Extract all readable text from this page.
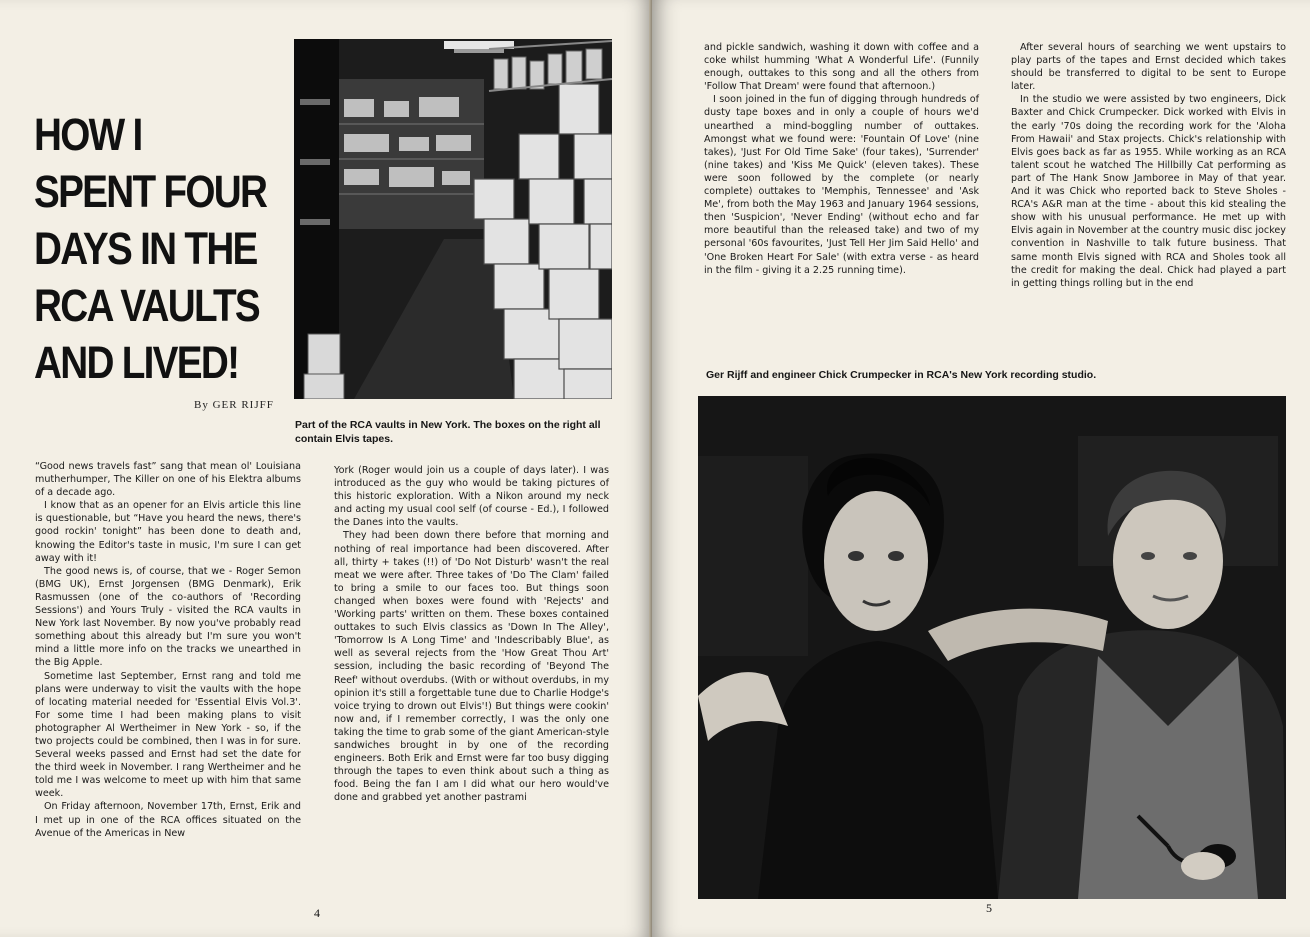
HOW I
SPENT FOUR
DAYS IN THE
RCA VAULTS
AND LIVED!
By GER RIJFF
Part of the RCA vaults in New York. The boxes on the right all contain Elvis tapes.

“Good news travels fast” sang that mean ol' Louisiana mutherhumper, The Killer on one of his Elektra albums of a decade ago.

I know that as an opener for an Elvis article this line is questionable, but “Have you heard the news, there's good rockin' tonight” has been done to death and, knowing the Editor's taste in music, I'm sure I can get away with it!

The good news is, of course, that we - Roger Semon (BMG UK), Ernst Jorgensen (BMG Denmark), Erik Rasmussen (one of the co-authors of 'Recording Sessions') and Yours Truly - visited the RCA vaults in New York last November. By now you've probably read something about this already but I'm sure you won't mind a little more info on the tracks we unearthed in the Big Apple.

Sometime last September, Ernst rang and told me plans were underway to visit the vaults with the hope of locating material needed for 'Essential Elvis Vol.3'. For some time I had been making plans to visit photographer Al Wertheimer in New York - so, if the two projects could be combined, then I was in for sure. Several weeks passed and Ernst had set the date for the third week in November. I rang Wertheimer and he told me I was welcome to meet up with him that same week.

On Friday afternoon, November 17th, Ernst, Erik and I met up in one of the RCA offices situated on the Avenue of the Americas in New

York (Roger would join us a couple of days later). I was introduced as the guy who would be taking pictures of this historic exploration. With a Nikon around my neck and acting my usual cool self (of course - Ed.), I followed the Danes into the vaults.

They had been down there before that morning and nothing of real importance had been discovered. After all, thirty + takes (!!) of 'Do Not Disturb' wasn't the real meat we were after. Three takes of 'Do The Clam' failed to bring a smile to our faces too. But things soon changed when boxes were found with 'Rejects' and 'Working parts' written on them. These boxes contained outtakes to such Elvis classics as 'Down In The Alley', 'Tomorrow Is A Long Time' and 'Indescribably Blue', as well as several rejects from the 'How Great Thou Art' session, including the basic recording of 'Beyond The Reef' without overdubs. (With or without overdubs, in my opinion it's still a forgettable tune due to Charlie Hodge's voice trying to drown out Elvis'!) But things were cookin' now and, if I remember correctly, I was the only one taking the time to grab some of the giant American-style sandwiches brought in by one of the recording engineers. Both Erik and Ernst were far too busy digging through the tapes to even think about such a thing as food. Being the fan I am I did what our hero would've done and grabbed yet another pastrami

4

and pickle sandwich, washing it down with coffee and a coke whilst humming 'What A Wonderful Life'. (Funnily enough, outtakes to this song and all the others from 'Follow That Dream' were found that afternoon.)

I soon joined in the fun of digging through hundreds of dusty tape boxes and in only a couple of hours we'd unearthed a mind-boggling number of outtakes. Amongst what we found were: 'Fountain Of Love' (nine takes), 'Just For Old Time Sake' (four takes), 'Surrender' (nine takes) and 'Kiss Me Quick' (eleven takes). These were soon followed by the complete (or nearly complete) outtakes to 'Memphis, Tennessee' and 'Ask Me', from both the May 1963 and January 1964 sessions, then 'Suspicion', 'Never Ending' (without echo and far more beautiful than the released take) and two of my personal '60s favourites, 'Just Tell Her Jim Said Hello' and 'One Broken Heart For Sale' (with extra verse - as heard in the film - giving it a 2.25 running time).

After several hours of searching we went upstairs to play parts of the tapes and Ernst decided which takes should be transferred to digital to be sent to Europe later.

In the studio we were assisted by two engineers, Dick Baxter and Chick Crumpecker. Dick worked with Elvis in the early '70s doing the recording work for the 'Aloha From Hawaii' and Stax projects. Chick's relationship with Elvis goes back as far as 1955. While working as an RCA talent scout he watched The Hillbilly Cat performing as part of The Hank Snow Jamboree in May of that year. And it was Chick who reported back to Steve Sholes - RCA's A&R man at the time - about this kid stealing the show with his unusual performance. He met up with Elvis again in November at the country music disc jockey convention in Nashville to talk future business. That same month Elvis signed with RCA and Sholes took all the credit for making the deal. Chick had played a part in getting things rolling but in the end

Ger Rijff and engineer Chick Crumpecker in RCA's New York recording studio.
5
